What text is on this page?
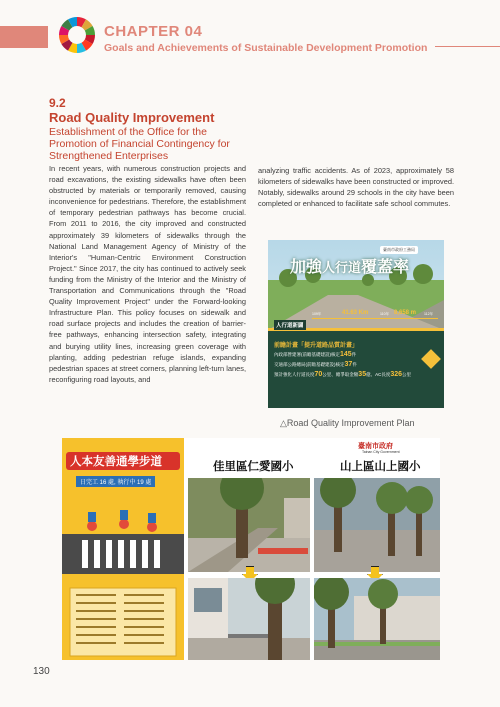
CHAPTER 04
Goals and Achievements of Sustainable Development Promotion
9.2
Road Quality Improvement
Establishment of the Office for the Promotion of Financial Contingency for Strengthened Enterprises
In recent years, with numerous construction projects and road excavations, the existing sidewalks have often been obstructed by materials or temporarily removed, causing inconvenience for pedestrians. Therefore, the establishment of temporary pedestrian pathways has become crucial. From 2011 to 2016, the city improved and constructed approximately 39 kilometers of sidewalks through the National Land Management Agency of Ministry of the Interior's "Human-Centric Environment Construction Project." Since 2017, the city has continued to actively seek funding from the Ministry of the Interior and the Ministry of Transportation and Communications through the "Road Quality Improvement Project" under the Forward-looking Infrastructure Plan. This policy focuses on sidewalk and road surface projects and includes the creation of barrier-free pathways, enhancing intersection safety, integrating and burying utility lines, increasing green coverage with planting, adding pedestrian refuge islands, expanding pedestrian spaces at street corners, planning left-turn lanes, reconfiguring road layouts, and
analyzing traffic accidents. As of 2023, approximately 58 kilometers of sidewalks have been constructed or improved. Notably, sidewalks around 29 schools in the city have been completed or enhanced to facilitate safe school commutes.
臺南市政府工務局
加強人行道覆蓋率
人行道新闢
109年	110年	112年
41.63 Km	8,658 m
前瞻計畫「提升道路品質計畫」
內政部營建署(前瞻基礎建設)核定145件
交通部公路總局(前瞻基礎建設)核定37件
預計強化人行道長度70公里、總爭取金額35億、AC長度326公里
△Road Quality Improvement Plan
人本友善通學步道
日完工 16 處, 執行中 19 處
臺南市政府
Tainan City Government
佳里區仁愛國小	山上區山上國小
130
